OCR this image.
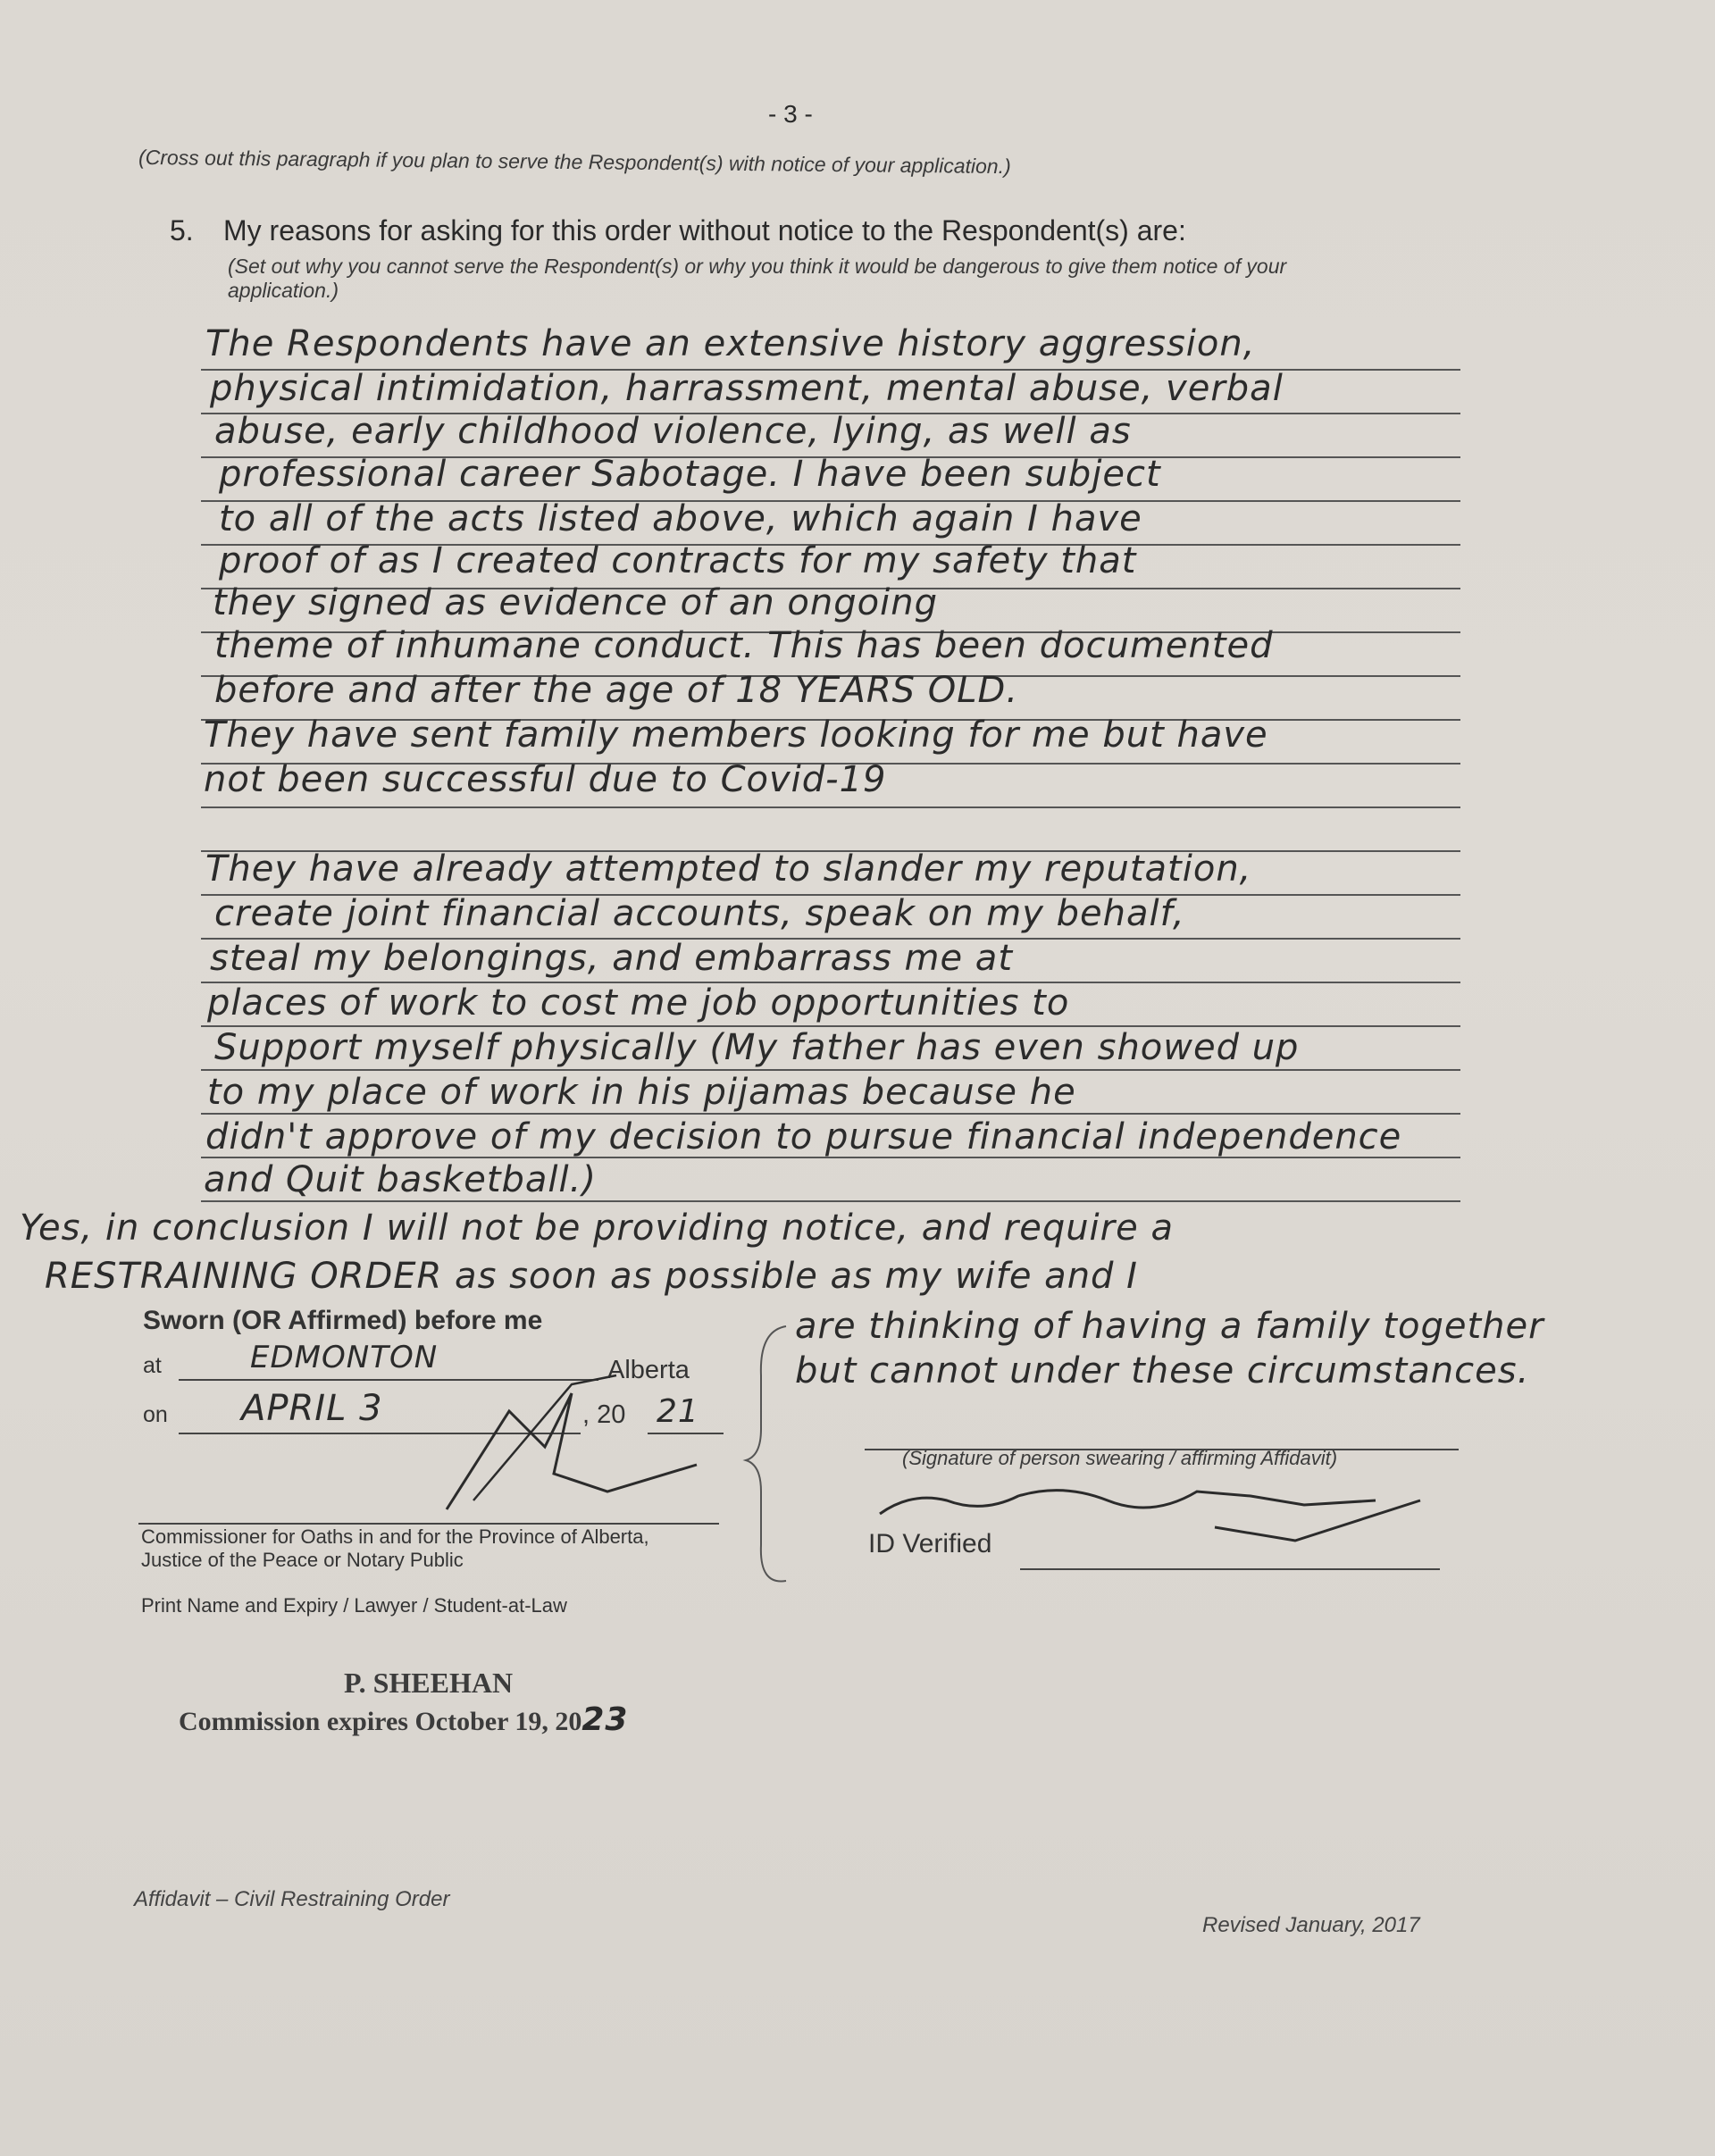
- 3 -
(Cross out this paragraph if you plan to serve the Respondent(s) with notice of your application.)
5. My reasons for asking for this order without notice to the Respondent(s) are:
(Set out why you cannot serve the Respondent(s) or why you think it would be dangerous to give them notice of your
application.)
The Respondents have an extensive history aggression,
physical intimidation, harrassment, mental abuse, verbal
abuse, early childhood violence, lying, as well as
professional career Sabotage. I have been subject
to all of the acts listed above, which again I have
proof of as I created contracts for my safety that
they signed as evidence of an ongoing
theme of inhumane conduct. This has been documented
before and after the age of 18 YEARS OLD.
They have sent family members looking for me but have
not been successful due to Covid-19
They have already attempted to slander my reputation,
create joint financial accounts, speak on my behalf,
steal my belongings, and embarrass me at
places of work to cost me job opportunities to
Support myself physically (My father has even showed up
to my place of work in his pijamas because he
didn't approve of my decision to pursue financial independence
and Quit basketball.)
Yes, in conclusion I will not be providing notice, and require a
RESTRAINING ORDER as soon as possible as my wife and I
are thinking of having a family together
but cannot under these circumstances.
Sworn (OR Affirmed) before me
at	EDMONTON	Alberta
on APRIL 3	, 20 21
Commissioner for Oaths in and for the Province of Alberta,
Justice of the Peace or Notary Public
Print Name and Expiry / Lawyer / Student-at-Law
(Signature of person swearing / affirming Affidavit)
ID Verified
P. SHEEHAN
Commission expires October 19, 2023
Affidavit – Civil Restraining Order
Revised January, 2017
